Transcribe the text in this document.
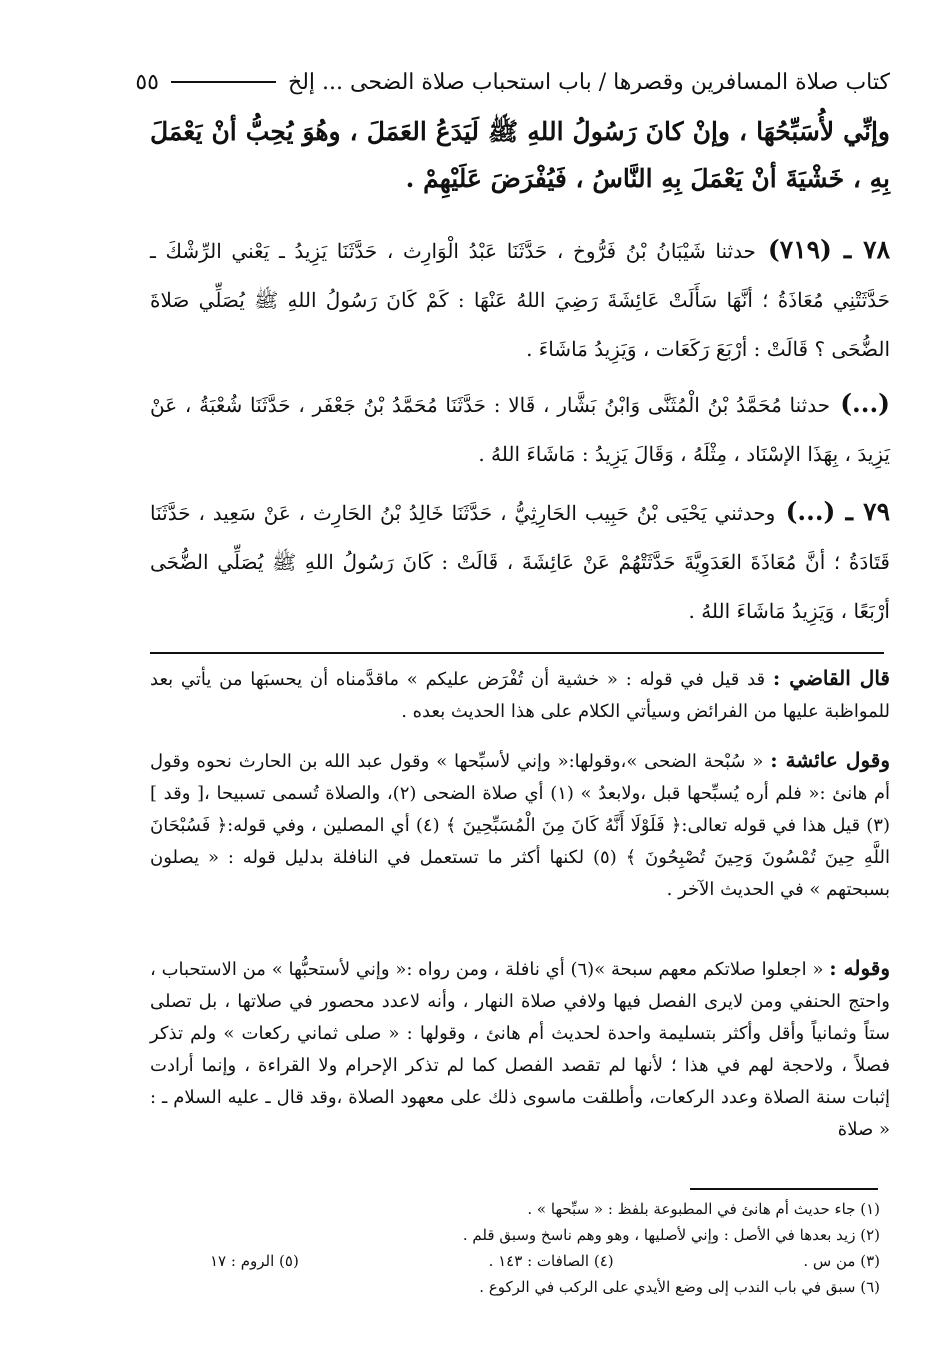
كتاب صلاة المسافرين وقصرها / باب استحباب صلاة الضحى ... إلخ
٥٥
وإنِّي لأُسَبِّحُهَا ، وإنْ كانَ رَسُولُ اللهِ ﷺ لَيَدَعُ العَمَلَ ، وهُوَ يُحِبُّ أنْ يَعْمَلَ بِهِ ، خَشْيَةَ أنْ يَعْمَلَ بِهِ النَّاسُ ، فَيُفْرَضَ عَلَيْهِمْ .
٧٨ ـ (٧١٩) حدثنا شَيْبَانُ بْنُ فَرُّوخ ، حَدَّثَنَا عَبْدُ الْوَارِث ، حَدَّثَنَا يَزِيدُ ـ يَعْني الرِّشْكَ ـ حَدَّثَتْنِي مُعَاذَةُ ؛ أنَّهَا سَأَلَتْ عَائِشَةَ رَضِيَ اللهُ عَنْهَا : كَمْ كَانَ رَسُولُ اللهِ ﷺ يُصَلِّي صَلاةَ الضُّحَى ؟ قَالَتْ : أرْبَعَ رَكَعَات ، وَيَزِيدُ مَاشَاءَ .
(...) حدثنا مُحَمَّدُ بْنُ الْمُثَنَّى وَابْنُ بَشَّار ، قَالا : حَدَّثَنَا مُحَمَّدُ بْنُ جَعْفَر ، حَدَّثَنَا شُعْبَةُ ، عَنْ يَزِيدَ ، بِهَذَا الإسْنَاد ، مِثْلَهُ ، وَقَالَ يَزِيدُ : مَاشَاءَ اللهُ .
٧٩ ـ (...) وحدثني يَحْيَى بْنُ حَبِيب الحَارِثِيُّ ، حَدَّثَنَا خَالِدُ بْنُ الحَارِث ، عَنْ سَعِيد ، حَدَّثَنَا قَتَادَةُ ؛ أنَّ مُعَاذَةَ العَدَوِيَّةَ حَدَّثَتْهُمْ عَنْ عَائِشَةَ ، قَالَتْ : كَانَ رَسُولُ اللهِ ﷺ يُصَلِّي الضُّحَى أرْبَعًا ، وَيَزِيدُ مَاشَاءَ اللهُ .
قال القاضي : قد قيل في قوله : « خشية أن تُفْرَض عليكم » ماقدَّمناه أن يحسبَها من يأتي بعد للمواظبة عليها من الفرائض وسيأتي الكلام على هذا الحديث بعده .
وقول عائشة : « سُبْحة الضحى »،وقولها:« وإني لأسبِّحها » وقول عبد الله بن الحارث نحوه وقول أم هانئ :« فلم أره يُسبِّحها قبل ،ولابعدُ » (١) أي صلاة الضحى (٢)، والصلاة تُسمى تسبيحا ،[ وقد ] (٣) قيل هذا في قوله تعالى:﴿ فَلَوْلَا أَنَّهُ كَانَ مِنَ الْمُسَبِّحِينَ ﴾ (٤) أي المصلين ، وفي قوله:﴿ فَسُبْحَانَ اللَّهِ حِينَ تُمْسُونَ وَحِينَ تُصْبِحُونَ ﴾ (٥) لكنها أكثر ما تستعمل في النافلة بدليل قوله : « يصلون بسبحتهم » في الحديث الآخر .
وقوله : « اجعلوا صلاتكم معهم سبحة »(٦) أي نافلة ، ومن رواه :« وإني لأستحبُّها » من الاستحباب ، واحتج الحنفي ومن لايرى الفصل فيها ولافي صلاة النهار ، وأنه لاعدد محصور في صلاتها ، بل تصلى ستاً وثمانياً وأقل وأكثر بتسليمة واحدة لحديث أم هانئ ، وقولها : « صلى ثماني ركعات » ولم تذكر فصلاً ، ولاحجة لهم في هذا ؛ لأنها لم تقصد الفصل كما لم تذكر الإحرام ولا القراءة ، وإنما أرادت إثبات سنة الصلاة وعدد الركعات، وأطلقت ماسوى ذلك على معهود الصلاة ،وقد قال ـ عليه السلام ـ : « صلاة
(١) جاء حديث أم هانئ في المطبوعة بلفظ : « سبِّحها » .
(٢) زيد بعدها في الأصل : وإني لأصليها ، وهو وهم ناسخ وسبق قلم .
(٣) من س .
(٤) الصافات : ١٤٣ .
(٥) الروم : ١٧
(٦) سبق في باب الندب إلى وضع الأيدي على الركب في الركوع .
